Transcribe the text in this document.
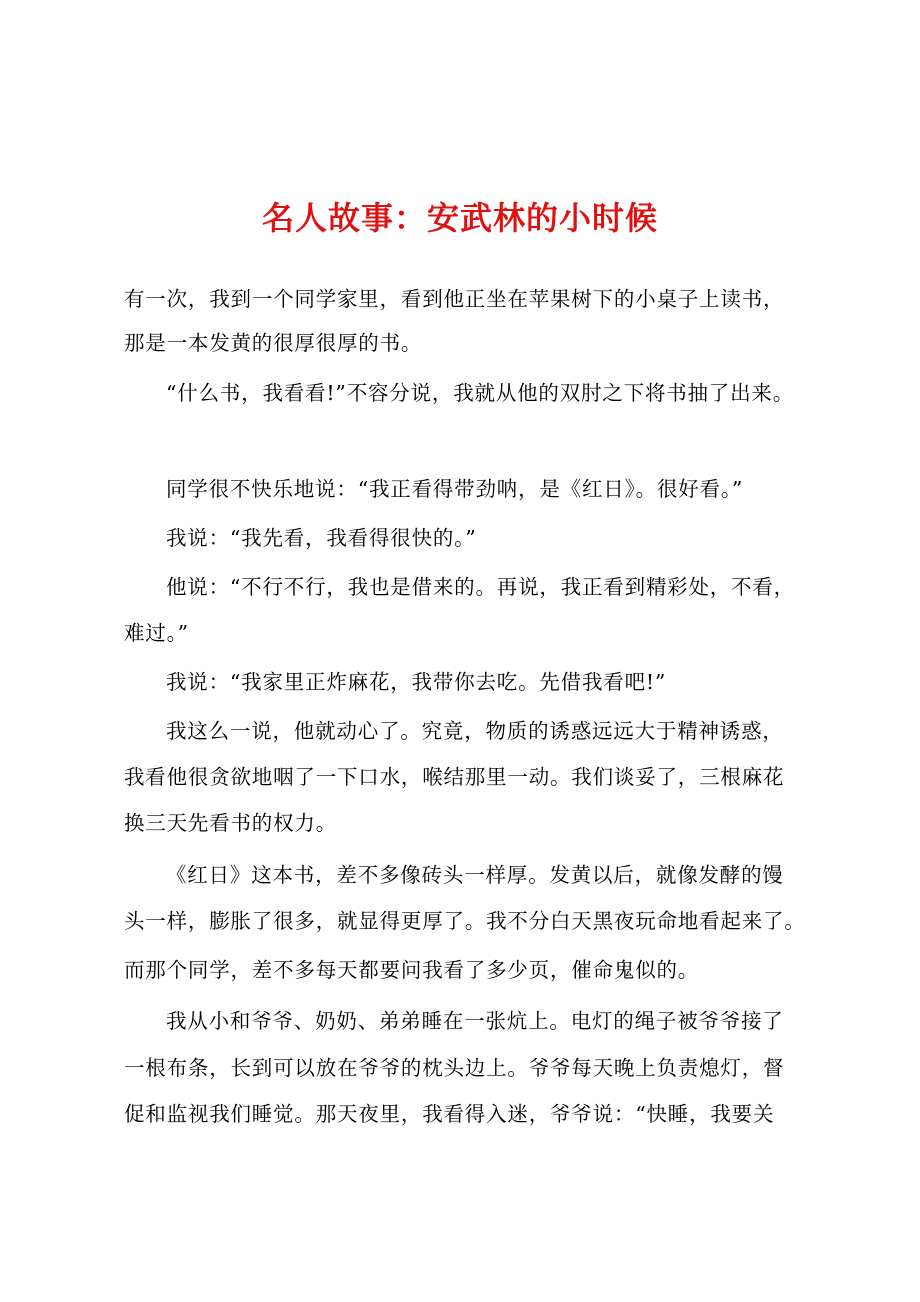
名人故事：安武林的小时候
有一次，我到一个同学家里，看到他正坐在苹果树下的小桌子上读书，
那是一本发黄的很厚很厚的书。
“什么书，我看看!”不容分说，我就从他的双肘之下将书抽了出来。
同学很不快乐地说：“我正看得带劲呐，是《红日》。很好看。”
我说：“我先看，我看得很快的。”
他说：“不行不行，我也是借来的。再说，我正看到精彩处，不看，
难过。”
我说：“我家里正炸麻花，我带你去吃。先借我看吧!”
我这么一说，他就动心了。究竟，物质的诱惑远远大于精神诱惑，
我看他很贪欲地咽了一下口水，喉结那里一动。我们谈妥了，三根麻花
换三天先看书的权力。
《红日》这本书，差不多像砖头一样厚。发黄以后，就像发酵的馒
头一样，膨胀了很多，就显得更厚了。我不分白天黑夜玩命地看起来了。
而那个同学，差不多每天都要问我看了多少页，催命鬼似的。
我从小和爷爷、奶奶、弟弟睡在一张炕上。电灯的绳子被爷爷接了
一根布条，长到可以放在爷爷的枕头边上。爷爷每天晚上负责熄灯，督
促和监视我们睡觉。那天夜里，我看得入迷，爷爷说：“快睡，我要关
